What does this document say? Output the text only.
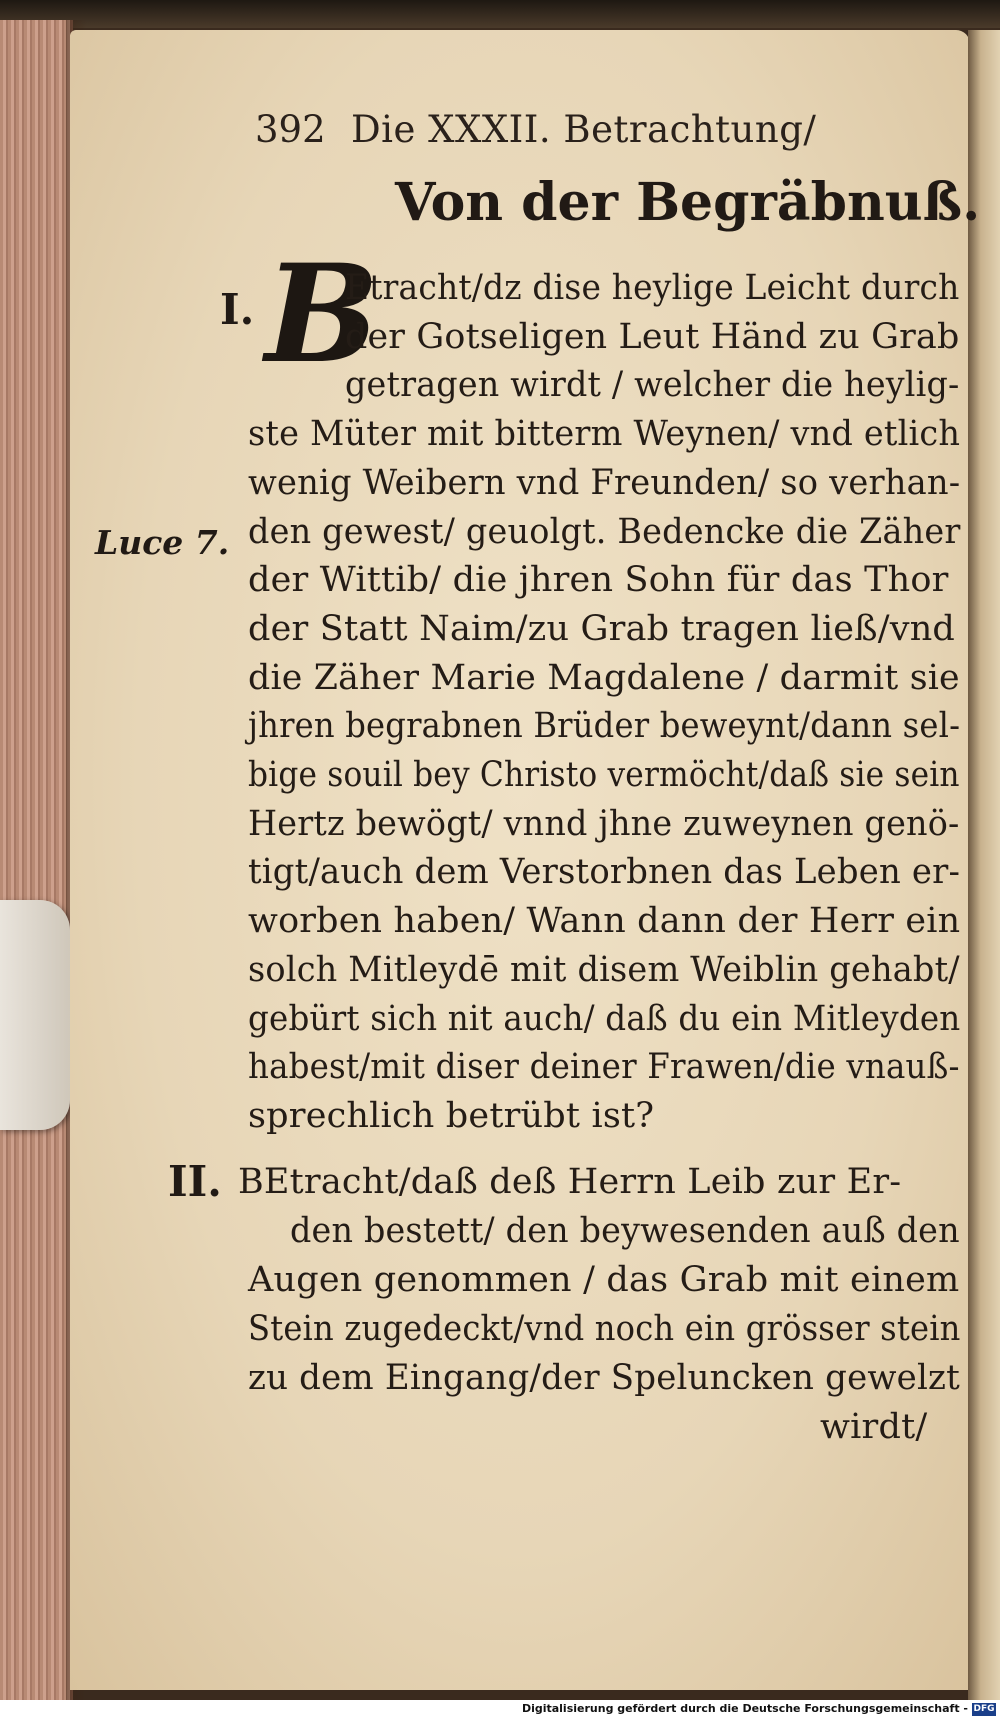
392 Die XXXII. Betrachtung/
Von der Begräbnuß.
I.
II.
Luce 7.
B
Etracht/dz dise heylige Leicht durch
der Gotseligen Leut Händ zu Grab
getragen wirdt / welcher die heylig-
ste Müter mit bitterm Weynen/ vnd etlich
wenig Weibern vnd Freunden/ so verhan-
den gewest/ geuolgt. Bedencke die Zäher
der Wittib/ die jhren Sohn für das Thor
der Statt Naim/zu Grab tragen ließ/vnd
die Zäher Marie Magdalene / darmit sie
jhren begrabnen Brüder beweynt/dann sel-
bige souil bey Christo vermöcht/daß sie sein
Hertz bewögt/ vnnd jhne zuweynen genö-
tigt/auch dem Verstorbnen das Leben er-
worben haben/ Wann dann der Herr ein
solch Mitleydē mit disem Weiblin gehabt/
gebürt sich nit auch/ daß du ein Mitleyden
habest/mit diser deiner Frawen/die vnauß-
sprechlich betrübt ist?
BEtracht/daß deß Herrn Leib zur Er-
den bestett/ den beywesenden auß den
Augen genommen / das Grab mit einem
Stein zugedeckt/vnd noch ein grösser stein
zu dem Eingang/der Speluncken gewelzt
wirdt/
Digitalisierung gefördert durch die Deutsche Forschungsgemeinschaft - DFG
